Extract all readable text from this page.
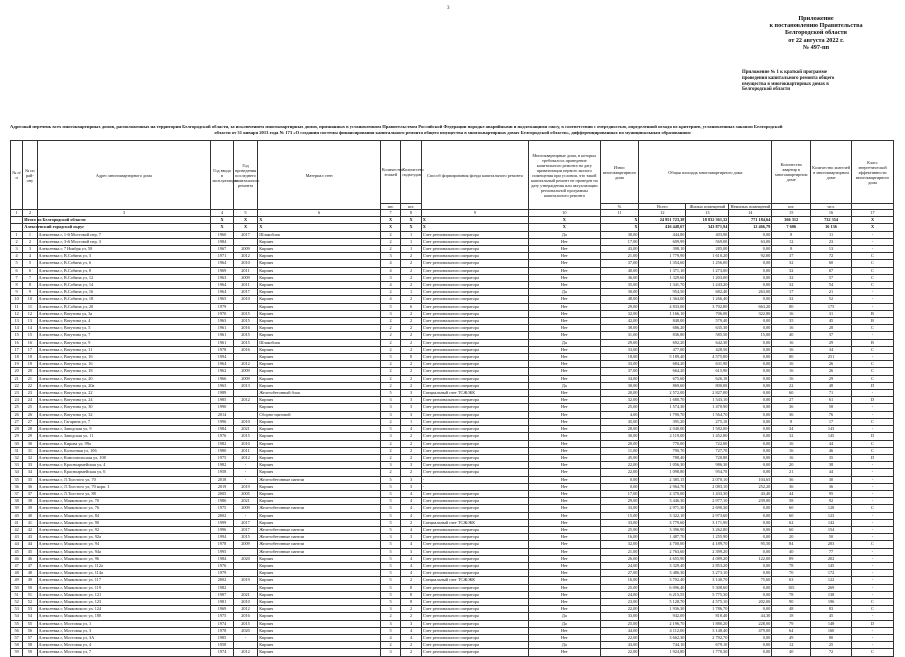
3
Приложение
к постановлению Правительства
Белгородской области
от 22 августа 2022 г.
№ 497-пп
Приложение № 1 к краткой программе
проведения капитального ремонта общего
имущества в многоквартирных домах в
Белгородской области
Адресный перечень всех многоквартирных домов, расположенных на территории Белгородской области, за исключением многоквартирных домов, признанных в установленном Правительством Российской Федерации порядке аварийными и подлежащими сносу, в соответствии с очередностью, определенной исходя из критериев, установленных законом Белгородской
области от 31 января 2013 года № 173 «О создании системы финансирования капитального ремонта общего имущества в многоквартирных домах Белгородской области», дифференцированных по муниципальным образованиям
№ п/п	№ по рай-ону	Адрес многоквартирного дома	Год ввода в эксплуатацию	Год проведения последнего капитального ремонта	Материал стен	Количество этажей	Количество подъездов	Способ формирования фонда капитального ремонта	Многоквартирные дома, в которых требовалось проведение капитального ремонта на дату приватизации первого жилого помещения при условии, что такой капитальный ремонт не проведен на дату утверждения или актуализации региональной программы капитального ремонта	Износ многоквартирного дома	Общая площадь многоквартирного дома			Количество квартир в многоквартирном доме	Количество жителей в многоквартирном доме	Класс энергетической эффективности многоквартирного дома
						шт.	шт.			%	Всего	Жилых помещений	Нежилых помещений	шт.	чел.	
1	2	3	4	5	6	7	8	9	10	11	12	13	14	15	16	17
	Итого по Белгородской области		X	X	X	X	X	X	X	X	24 951 723,38	18 832 361,32	771 184,64	366 312	732 354	X
	Алексеевский городской округ		X	X	X	X	X	X	X	X	416 448,67	343 871,94	12 466,79	7 606	16 136	X
1	1	Алексеевка г, 1-й Мостовой пер, 7	1960	2017	Шлакоблок	2	1	Счет регионального оператора	Да	30,00	444,80	403,90	0,00	8	11	-
2	2	Алексеевка г, 3-й Мостовой пер, 3	1984		Кирпич	2	1	Счет регионального оператора	Нет	17,00	609,99	569,00	63,00	12	23	-
3	3	Алексеевка г, 7 Ноября ул, 58	1967	2009	Кирпич	2	1	Счет регионального оператора	Нет	43,00	398,10	285,00	0,00	8	13	-
4	4	Алексеевка г, В.Собина ул, 3	1971	2012	Кирпич	3	2	Счет регионального оператора	Нет	21,00	1 779,90	1 610,20	92,00	37	72	C
5	5	Алексеевка г, В.Собина ул, 6	1964	2010	Кирпич	4	2	Счет регионального оператора	Нет	37,00	1 354,60	1 256,00	0,00	32	60	C
6	6	Алексеевка г, В.Собина ул, 8	1969	2011	Кирпич	4	2	Счет регионального оператора	Нет	40,00	1 371,10	1 273,00	0,00	32	67	C
7	7	Алексеевка г, В.Собина ул, 12	1963	2009	Кирпич	3	2	Счет регионального оператора	Нет	36,00	1 329,60	1 203,00	0,00	32	57	C
8	8	Алексеевка г, В.Собина ул, 14	1964	2011	Кирпич	4	2	Счет регионального оператора	Нет	35,00	1 341,70	1 243,20	0,00	32	54	C
9	9	Алексеевка г, В.Собина ул, 16	1964	2017	Кирпич	2	1	Счет регионального оператора	Да	30,00	954,50	682,40	263,00	17	21	-
10	10	Алексеевка г, В.Собина ул, 18	1965	2010	Кирпич	4	2	Счет регионального оператора	Нет	48,00	1 364,00	1 266,40	0,00	32	52	-
11	11	Алексеевка г, В.Собина ул, 20	1979		Кирпич	5	6	Счет регионального оператора	Нет	29,00	4 833,00	3 702,80	663,20	80	175	-
12	12	Алексеевка г, Ватутина ул, 3а	1970	2015	Кирпич	3	2	Счет регионального оператора	Нет	32,00	1 166,10	706,00	322,80	16	31	B
13	13	Алексеевка г, Ватутина ул, 4	1963	2015	Кирпич	2	2	Счет регионального оператора	Нет	42,00	848,00	579,40	0,00	35	45	B
14	14	Алексеевка г, Ватутина ул, 5	1961	2016	Кирпич	2	2	Счет регионального оператора	Нет	38,00	686,20	635,30	0,00	16	28	C
15	15	Алексеевка г, Ватутина ул, 7	1961	2015	Кирпич	2	2	Счет регионального оператора	Нет	31,00	836,80	585,50	15,00	40	37	-
16	16	Алексеевка г, Ватутина ул, 9	1961	2015	Шлакоблок	2	2	Счет регионального оператора	Да	29,00	692,20	642,30	0,00	16	29	B
17	17	Алексеевка г, Ватутина ул, 11	1978	2016	Кирпич	2	2	Счет регионального оператора	Нет	33,00	477,00	428,50	0,00	16	34	C
18	18	Алексеевка г, Ватутина ул, 16	1994		Кирпич	5	8	Счет регионального оператора	Нет	18,00	5 189,40	4 575,80	0,00	80	251	-
19	19	Алексеевка г, Ватутина ул, 16	1964	2012	Кирпич	2	2	Счет регионального оператора	Нет	33,00	684,20	631,90	0,00	16	26	C
20	20	Алексеевка г, Ватутина ул, 18	1962	2009	Кирпич	2	2	Счет регионального оператора	Нет	37,00	664,20	615,90	0,00	16	26	C
21	21	Алексеевка г, Ватутина ул, 20	1966	2009	Кирпич	2	2	Счет регионального оператора	Нет	34,00	675,60	626,10	0,00	16	29	C
22	22	Алексеевка г, Ватутина ул, 20а	1963	2013	Кирпич	2	2	Счет регионального оператора	Да	30,00	869,60	800,00	0,00	22	48	D
23	23	Алексеевка г, Ватутина ул, 22	1989		Железобетонный блок	5	3	Специальный счет ТСЖ/ЖК	Нет	20,00	2 572,00	2 827,00	0,00	60	71	-
24	24	Алексеевка г, Ватутина ул, 24	1985	2012	Кирпич	3	3	Счет регионального оператора	Нет	32,00	1 680,70	1 543,10	0,00	27	61	D
25	25	Алексеевка г, Ватутина ул, 30	1990		Кирпич	3	3	Счет регионального оператора	Нет	25,00	1 574,30	1 470,90	0,00	36	58	-
26	26	Алексеевка г, Ватутина ул, 32	2014		Сборно-щитовой	3	3	Счет регионального оператора	Нет	4,00	1 790,70	1 564,70	0,00	36	76	-
27	27	Алексеевка г, Гагарина ул, 7	1996	2010	Кирпич	2	1	Счет регионального оператора	Нет	45,00	395,20	275,10	0,00	8	17	C
28	28	Алексеевка г, Заводская ул, 9	1984	2021	Кирпич	5	4	Счет регионального оператора	Нет	28,00	2 040,00	1 582,00	0,00	34	143	-
29	29	Алексеевка г, Заводская ул, 11	1976	2015	Кирпич	3	2	Счет регионального оператора	Нет	30,00	2 119,00	1 452,80	0,00	32	145	D
30	30	Алексеевка г, Кирова ул, 99а	1982	2010	Кирпич	2	2	Счет регионального оператора	Нет	20,00	770,00	722,00	0,00	16	44	C
31	31	Алексеевка г, Колхозная ул, 106	1980	2011	Кирпич	2	2	Счет регионального оператора	Нет	11,00	790,70	727,70	0,00	16	46	C
32	32	Алексеевка г, Комсомольская ул, 108	1975	2012	Кирпич	2	2	Счет регионального оператора	Нет	45,00	788,40	720,80	0,00	16	35	D
33	33	Алексеевка г, Красноармейская ул, 4	1982	-	Кирпич	3	3	Счет регионального оператора	Нет	22,00	1 056,30	986,30	0,00	20	38	-
34	34	Алексеевка г, Красноармейская ул, 6	1958	-	Кирпич	2	2	Счет регионального оператора	Нет	22,00	1 098,80	954,70	0,00	21	44	-
35	35	Алексеевка г, Л.Толстого ул, 70	2018	-	Железобетонные панели	5	3	-	Нет	0,00	2 385,15	2 070,10	104,65	36	30	-
36	36	Алексеевка г, Л.Толстого ул, 70 корп. 1	2019	2019	Кирпич	5	3	-	Нет	0,00	2 964,70	2 083,10	252,20	36	36	-
37	37	Алексеевка г, Л.Толстого ул, 88	2005	2005	Кирпич	5	4	Счет регионального оператора	Нет	17,00	2 370,00	1 433,30	43,40	44	95	-
38	38	Алексеевка г, Маяковского ул, 70	1986	2021	Кирпич	5	4	Счет регионального оператора	Нет	29,00	3 446,30	2 977,10	239,00	58	92	-
39	39	Алексеевка г, Маяковского ул, 76	1975	2009	Железобетонные панели	5	4	Счет регионального оператора	Нет	33,00	2 971,30	2 690,30	0,00	60	128	C
40	40	Алексеевка г, Маяковского ул, 84	2002	-	Кирпич	5	4	Счет регионального оператора	Нет	15,00	3 322,10	2 973,60	0,00	60	123	-
41	41	Алексеевка г, Маяковского ул, 90	1999	2017	Кирпич	5	2	Специальный счет ТСЖ/ЖК	Нет	33,00	3 779,60	3 171,90	0,00	62	142	-
42	42	Алексеевка г, Маяковского ул, 92	1996	2017	Железобетонные панели	5	4	Счет регионального оператора	Нет	25,00	3 396,90	3 262,80	0,00	60	154	-
43	43	Алексеевка г, Маяковского ул, 92а	1994	2015	Железобетонные панели	3	3	Счет регионального оператора	Нет	16,00	1 487,70	1 255,90	0,00	20	50	-
44	44	Алексеевка г, Маяковского ул, 94	1978	2009	Железобетонные панели	5	4	Счет регионального оператора	Нет	32,00	4 700,00	4 189,70	95,50	84	203	C
45	45	Алексеевка г, Маяковского ул, 94а	1995		Железобетонные панели	5	3	Счет регионального оператора	Нет	21,00	2 763,60	2 399,20	0,00	40	77	-
46	46	Алексеевка г, Маяковского ул, 96	1984	2020	Кирпич	5	4	Счет регионального оператора	Нет	26,00	4 655,90	4 089,20	122,00	89	202	-
47	47	Алексеевка г, Маяковского ул, 112а	1976		Кирпич	5	4	Счет регионального оператора	Нет	24,00	3 329,40	2 853,20	0,00	78	145	-
48	48	Алексеевка г, Маяковского ул, 114а	1979		Кирпич	5	4	Счет регионального оператора	Нет	27,00	3 486,30	3 273,10	0,00	70	172	-
49	49	Алексеевка г, Маяковского ул, 117	2002	2019	Кирпич	5	2	Специальный счет ТСЖ/ЖК	Нет	16,00	3 702,40	3 140,70	75,60	63	122	-
50	50	Алексеевка г, Маяковского ул, 119	1982		Кирпич	5	8	Счет регионального оператора	Нет	25,00	6 096,40	5 308,60	0,00	105	269	-
51	51	Алексеевка г, Маяковского ул, 121	1987	2021	Кирпич	5	8	Счет регионального оператора	Нет	24,00	6 215,55	5 775,30	0,00	78	138	-
52	52	Алексеевка г, Маяковского ул, 123	1981	2010	Кирпич	5	8	Счет регионального оператора	Нет	23,00	5 128,70	4 575,10	202,00	90	196	C
53	53	Алексеевка г, Маяковского ул, 124	1969	2012	Кирпич	3	2	Счет регионального оператора	Нет	22,00	1 936,30	1 786,70	0,00	48	83	C
54	54	Алексеевка г, Маяковского ул, 180	1975	2016	Кирпич	2	2	Счет регионального оператора	Да	33,00	942,00	818,40	44,30	18	45	-
55	55	Алексеевка г, Мостовая ул, 1	1974	2015	Кирпич	3	3	Счет регионального оператора	Да	25,00	2 196,70	1 880,20	228,00	79	148	D
56	56	Алексеевка г, Мостовая ул, 3	1978	2020	Кирпич	5	4	Счет регионального оператора	Нет	44,00	4 112,00	3 148,40	479,00	64	160	-
57	57	Алексеевка г, Мостовая ул, 3А	1985	-	Кирпич	4	4	Счет регионального оператора	Нет	22,00	3 662,30	2 792,70	0,00	49	80	-
58	58	Алексеевка г, Мостовая ул, 4	1958		Кирпич	2	2	Счет регионального оператора	Да	43,00	744,10	679,10	0,00	12	25	-
59	59	Алексеевка г, Мостовая ул, 7	1974	2012	Кирпич	3	2	Счет регионального оператора	Нет	22,00	1 924,80	1 770,30	0,00	40	72	C
